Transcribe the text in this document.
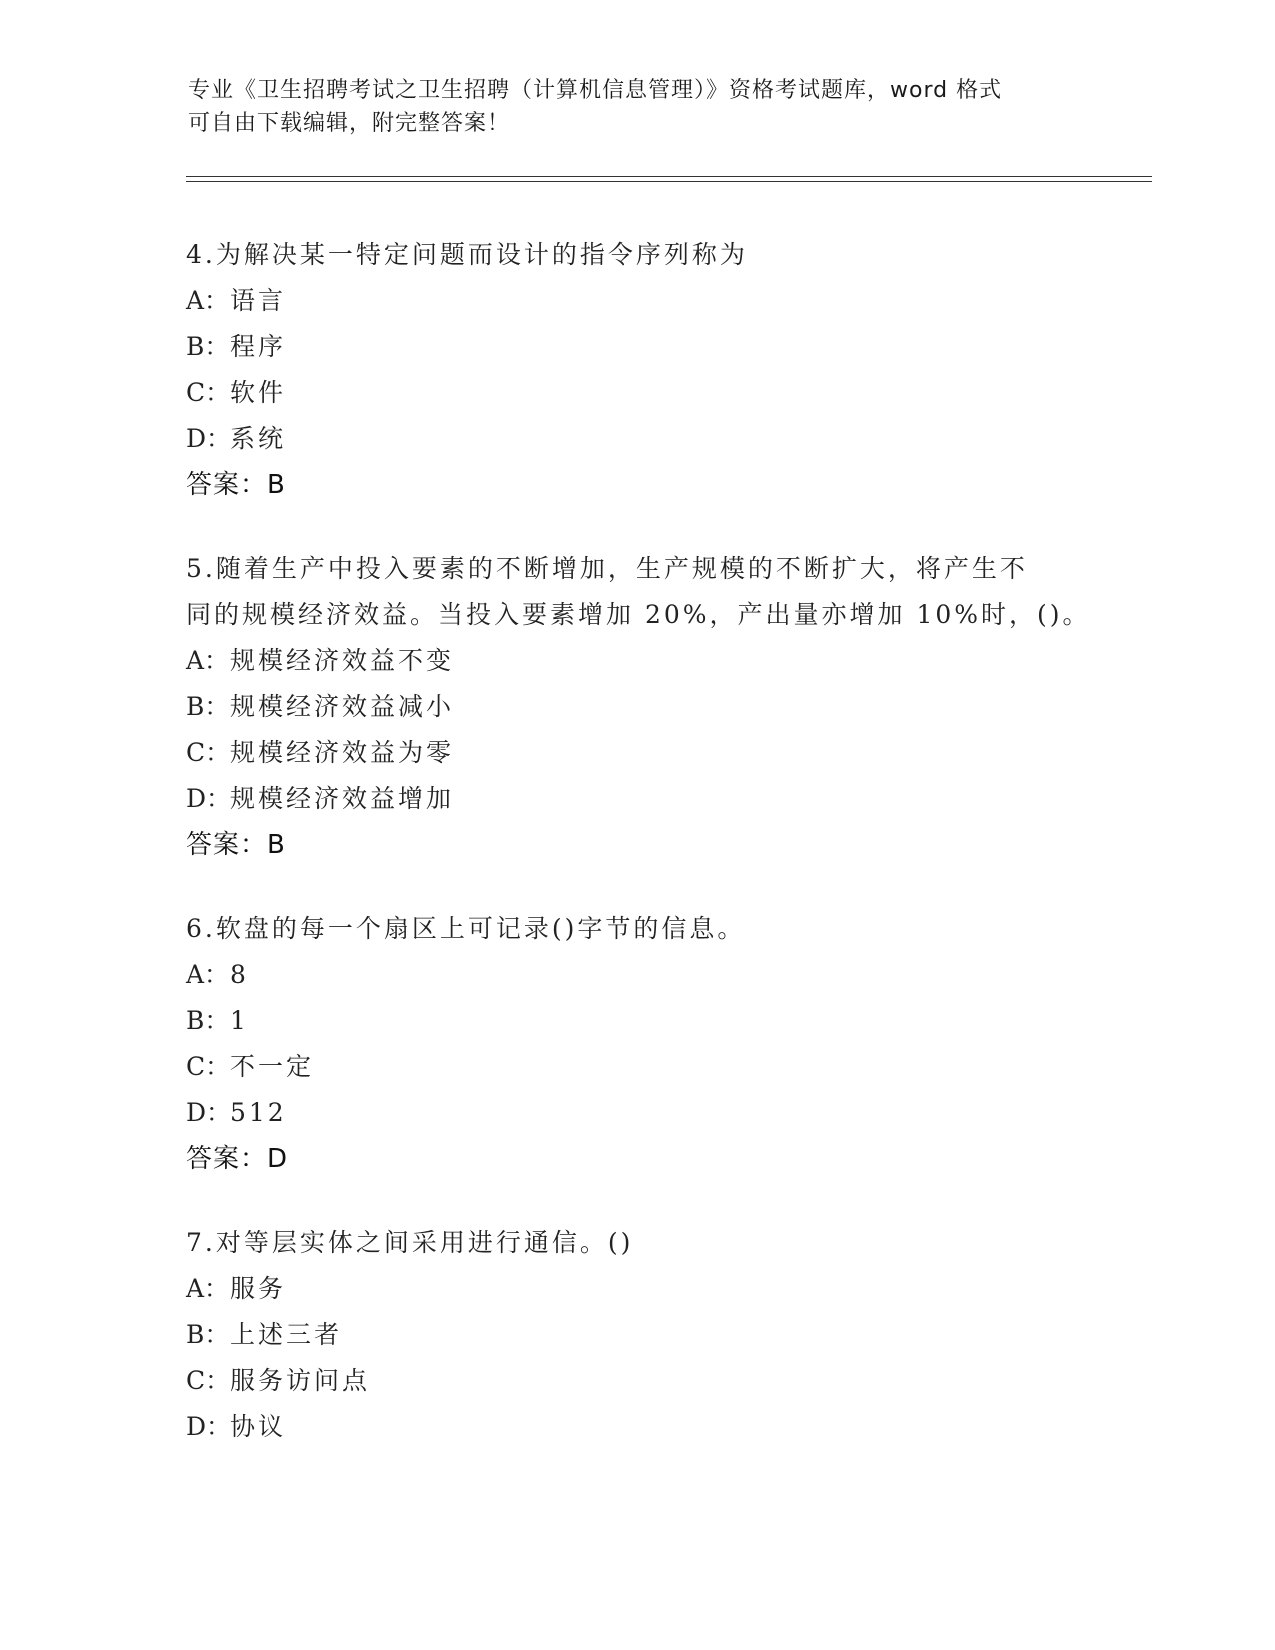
专业《卫生招聘考试之卫生招聘（计算机信息管理）》资格考试题库，word 格式

可自由下载编辑，附完整答案！

4.为解决某一特定问题而设计的指令序列称为
A：语言
B：程序
C：软件
D：系统
答案：B
5.随着生产中投入要素的不断增加，生产规模的不断扩大，将产生不
同的规模经济效益。当投入要素增加 20%，产出量亦增加 10%时，()。
A：规模经济效益不变
B：规模经济效益减小
C：规模经济效益为零
D：规模经济效益增加
答案：B
6.软盘的每一个扇区上可记录()字节的信息。
A：8
B：1
C：不一定
D：512
答案：D
7.对等层实体之间采用进行通信。()
A：服务
B：上述三者
C：服务访问点
D：协议
